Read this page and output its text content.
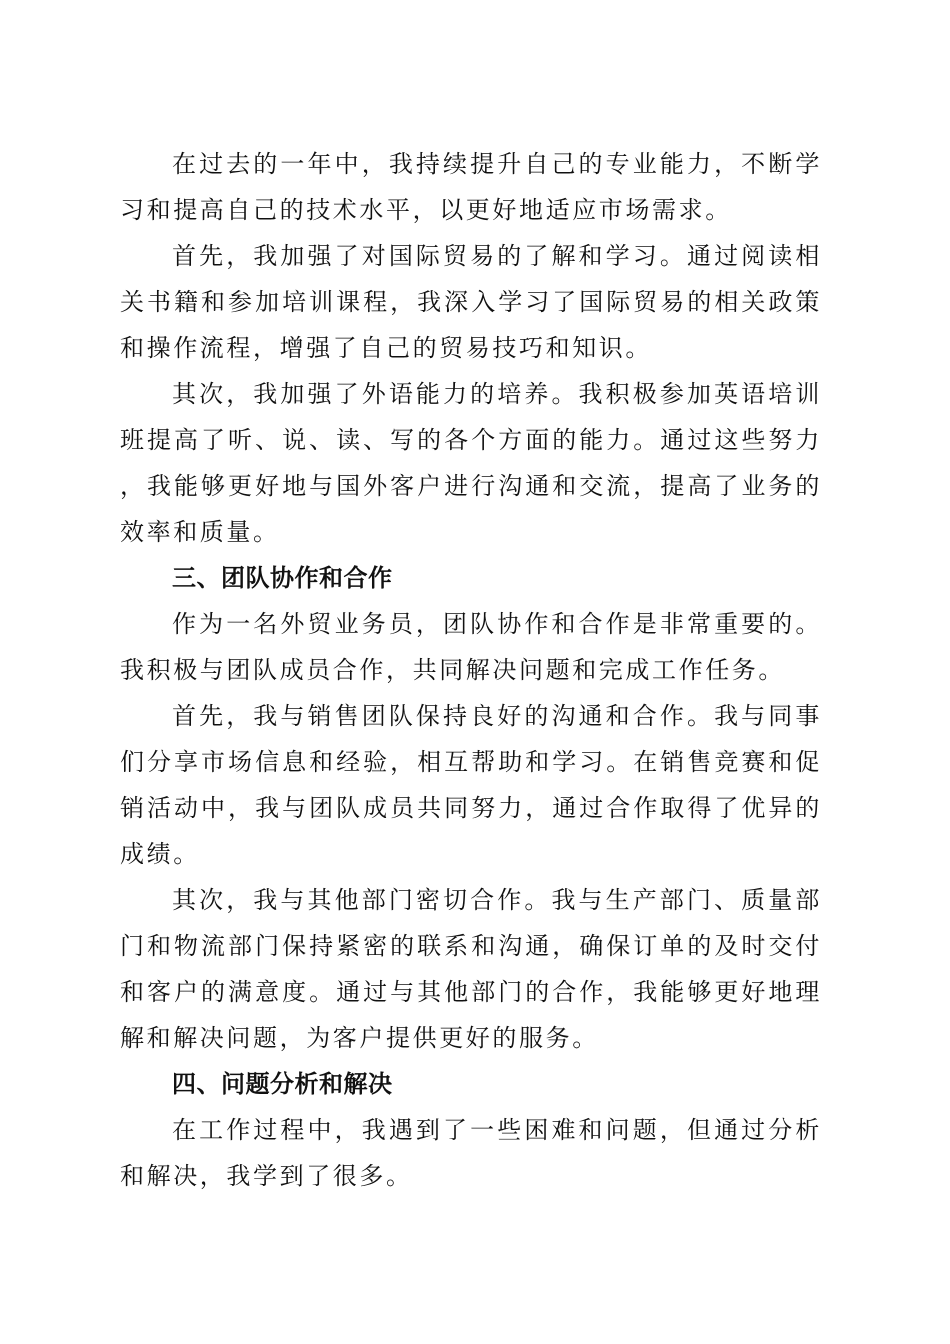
在过去的一年中，我持续提升自己的专业能力，不断学习和提高自己的技术水平，以更好地适应市场需求。

首先，我加强了对国际贸易的了解和学习。通过阅读相关书籍和参加培训课程，我深入学习了国际贸易的相关政策和操作流程，增强了自己的贸易技巧和知识。

其次，我加强了外语能力的培养。我积极参加英语培训班提高了听、说、读、写的各个方面的能力。通过这些努力，我能够更好地与国外客户进行沟通和交流，提高了业务的效率和质量。

三、团队协作和合作

作为一名外贸业务员，团队协作和合作是非常重要的。我积极与团队成员合作，共同解决问题和完成工作任务。

首先，我与销售团队保持良好的沟通和合作。我与同事们分享市场信息和经验，相互帮助和学习。在销售竞赛和促销活动中，我与团队成员共同努力，通过合作取得了优异的成绩。

其次，我与其他部门密切合作。我与生产部门、质量部门和物流部门保持紧密的联系和沟通，确保订单的及时交付和客户的满意度。通过与其他部门的合作，我能够更好地理解和解决问题，为客户提供更好的服务。

四、问题分析和解决

在工作过程中，我遇到了一些困难和问题，但通过分析和解决，我学到了很多。
